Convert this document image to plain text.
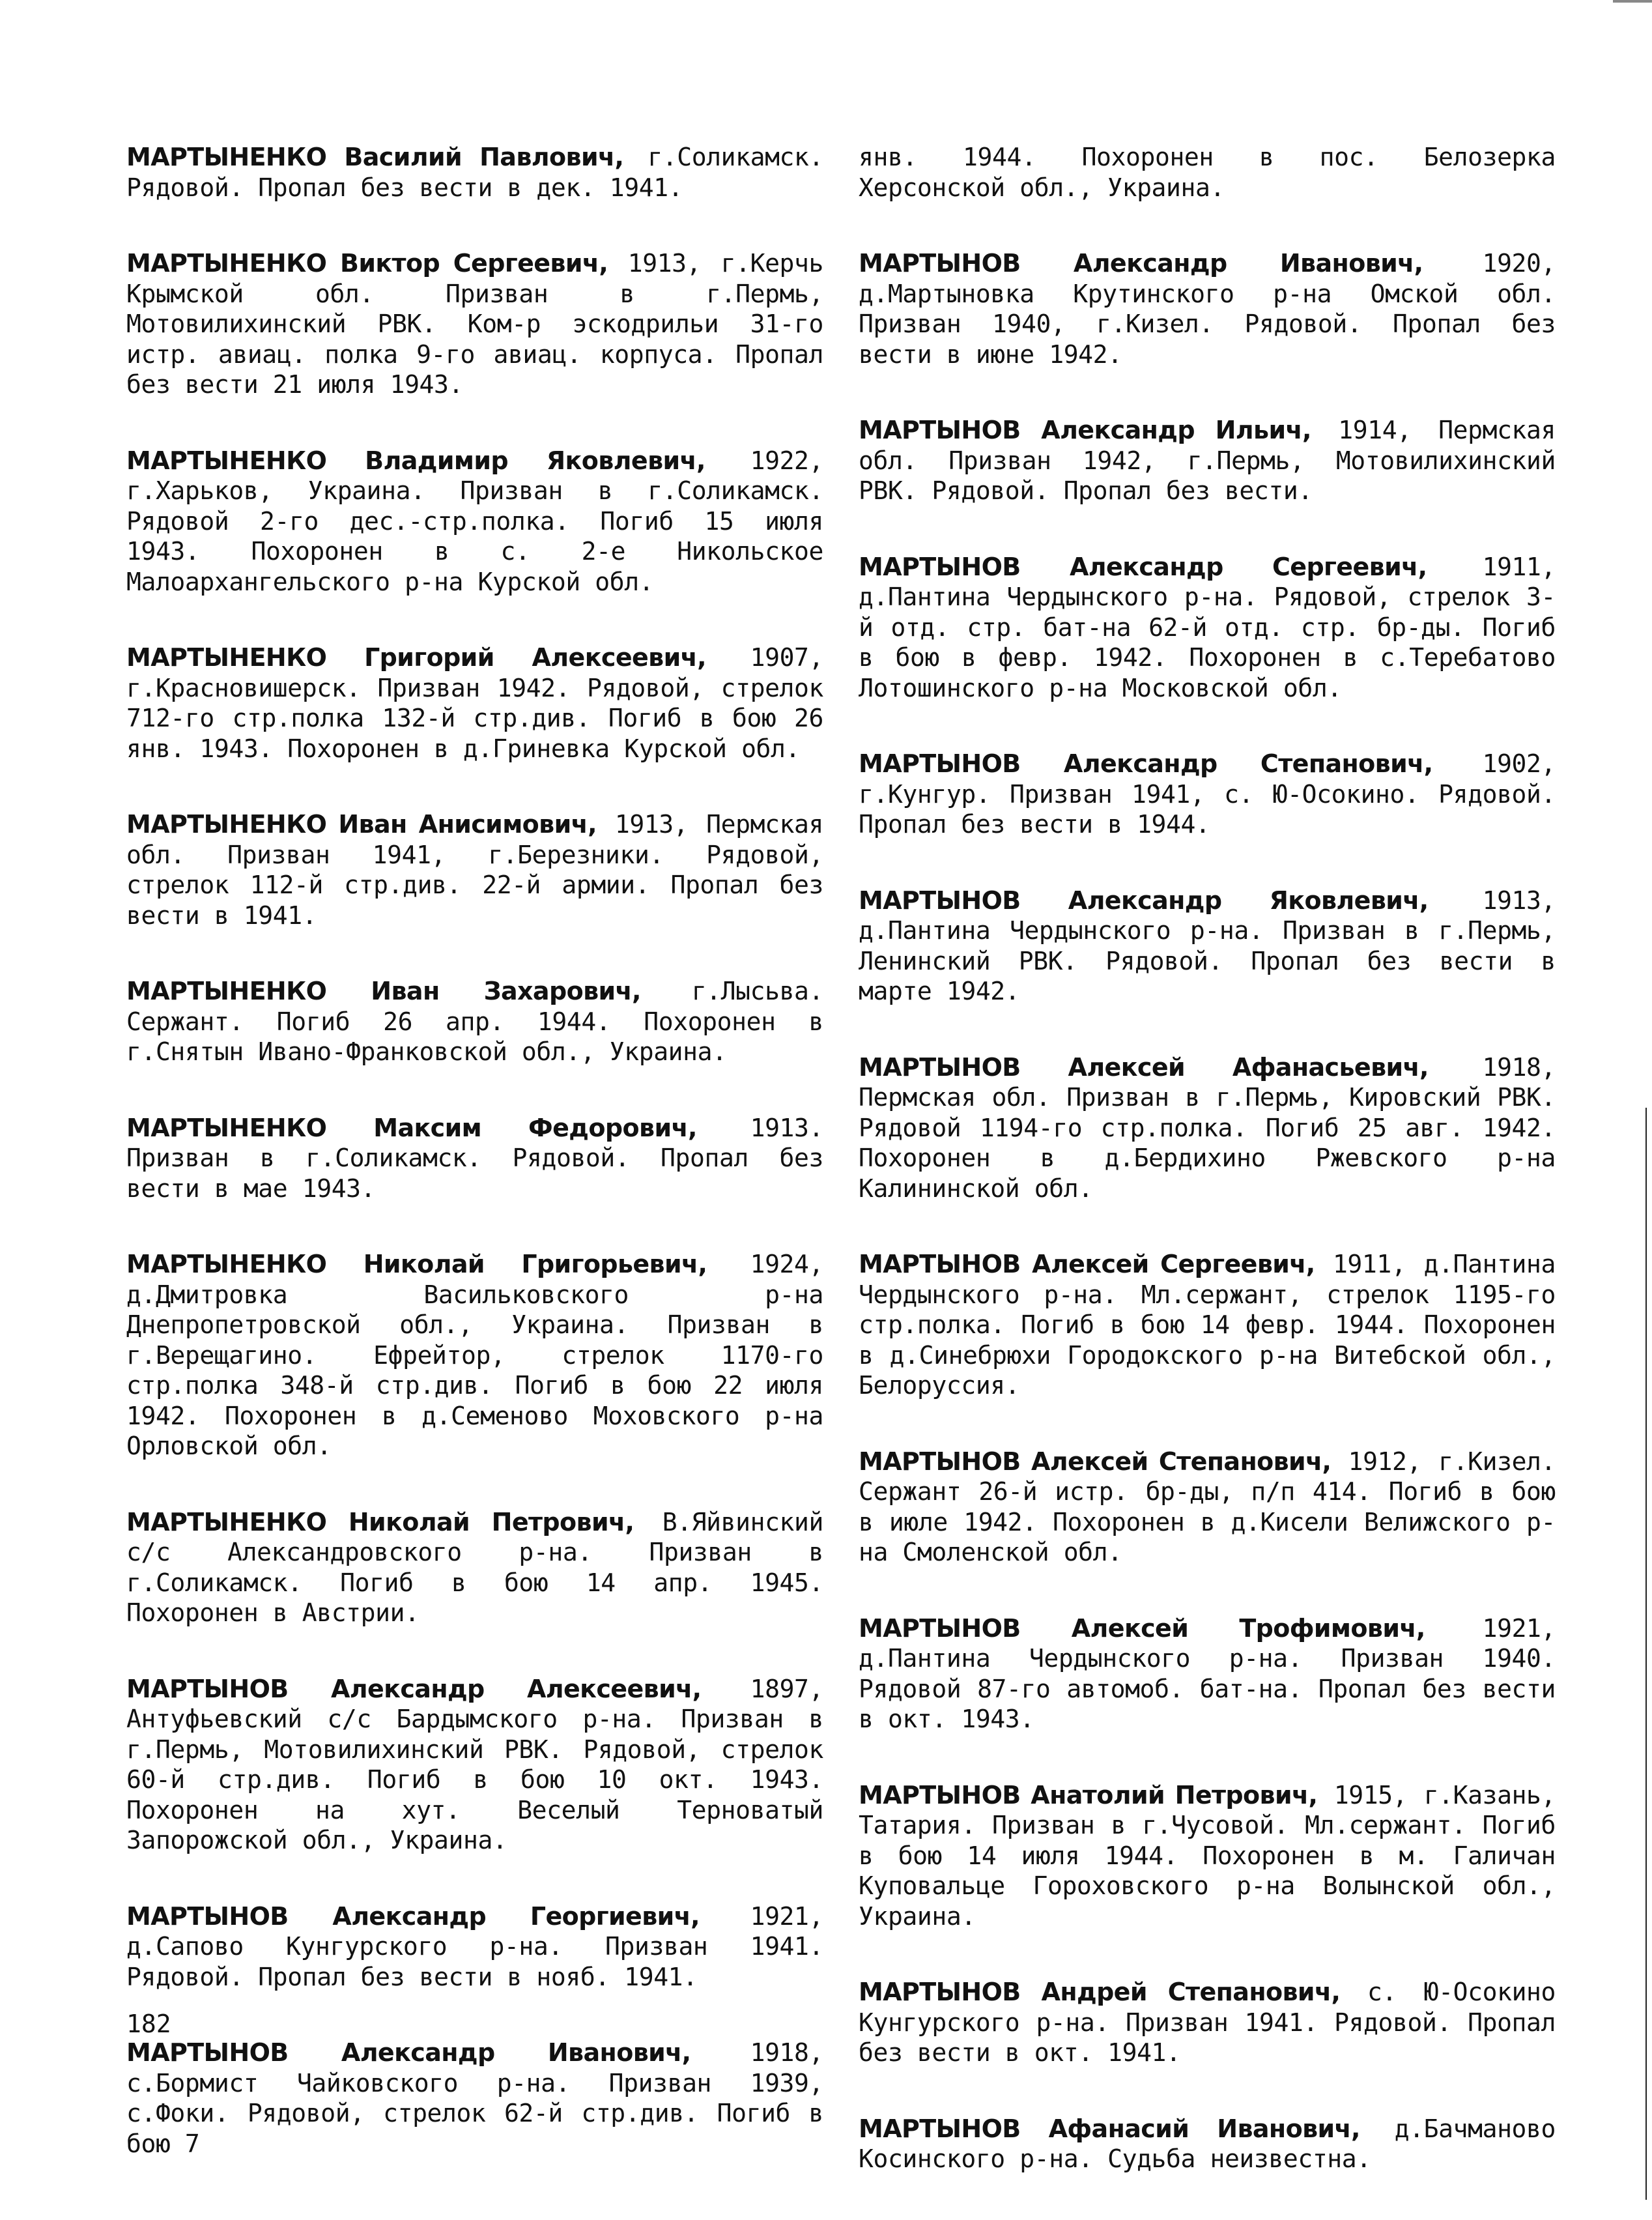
МАРТЫНЕНКО Василий Павлович, г.Соликамск. Рядовой. Пропал без вести в дек. 1941.

МАРТЫНЕНКО Виктор Сергеевич, 1913, г.Керчь Крымской обл. Призван в г.Пермь, Мотовилихинский РВК. Ком-р эскодрильи 31-го истр. авиац. полка 9-го авиац. корпуса. Пропал без вести 21 июля 1943.

МАРТЫНЕНКО Владимир Яковлевич, 1922, г.Харьков, Украина. Призван в г.Соликамск. Рядовой 2-го дес.-стр.полка. Погиб 15 июля 1943. Похоронен в с. 2-е Никольское Малоархангельского р-на Курской обл.

МАРТЫНЕНКО Григорий Алексеевич, 1907, г.Красновишерск. Призван 1942. Рядовой, стрелок 712-го стр.полка 132-й стр.див. Погиб в бою 26 янв. 1943. Похоронен в д.Гриневка Курской обл.

МАРТЫНЕНКО Иван Анисимович, 1913, Пермская обл. Призван 1941, г.Березники. Рядовой, стрелок 112-й стр.див. 22-й армии. Пропал без вести в 1941.

МАРТЫНЕНКО Иван Захарович, г.Лысьва. Сержант. Погиб 26 апр. 1944. Похоронен в г.Снятын Ивано-Франковской обл., Украина.

МАРТЫНЕНКО Максим Федорович, 1913. Призван в г.Соликамск. Рядовой. Пропал без вести в мае 1943.

МАРТЫНЕНКО Николай Григорьевич, 1924, д.Дмитровка Васильковского р-на Днепропетровской обл., Украина. Призван в г.Верещагино. Ефрейтор, стрелок 1170-го стр.полка 348-й стр.див. Погиб в бою 22 июля 1942. Похоронен в д.Семеново Моховского р-на Орловской обл.

МАРТЫНЕНКО Николай Петрович, В.Яйвинский с/с Александровского р-на. Призван в г.Соликамск. Погиб в бою 14 апр. 1945. Похоронен в Австрии.

МАРТЫНОВ Александр Алексеевич, 1897, Антуфьевский с/с Бардымского р-на. Призван в г.Пермь, Мотовилихинский РВК. Рядовой, стрелок 60-й стр.див. Погиб в бою 10 окт. 1943. Похоронен на хут. Веселый Терноватый Запорожской обл., Украина.

МАРТЫНОВ Александр Георгиевич, 1921, д.Сапово Кунгурского р-на. Призван 1941. Рядовой. Пропал без вести в нояб. 1941.

МАРТЫНОВ Александр Иванович, 1918, с.Бормист Чайковского р-на. Призван 1939, с.Фоки. Рядовой, стрелок 62-й стр.див. Погиб в бою 7

янв. 1944. Похоронен в пос. Белозерка Херсонской обл., Украина.

МАРТЫНОВ Александр Иванович, 1920, д.Мартыновка Крутинского р-на Омской обл. Призван 1940, г.Кизел. Рядовой. Пропал без вести в июне 1942.

МАРТЫНОВ Александр Ильич, 1914, Пермская обл. Призван 1942, г.Пермь, Мотовилихинский РВК. Рядовой. Пропал без вести.

МАРТЫНОВ Александр Сергеевич, 1911, д.Пантина Чердынского р-на. Рядовой, стрелок 3-й отд. стр. бат-на 62-й отд. стр. бр-ды. Погиб в бою в февр. 1942. Похоронен в с.Теребатово Лотошинского р-на Московской обл.

МАРТЫНОВ Александр Степанович, 1902, г.Кунгур. Призван 1941, с. Ю-Осокино. Рядовой. Пропал без вести в 1944.

МАРТЫНОВ Александр Яковлевич, 1913, д.Пантина Чердынского р-на. Призван в г.Пермь, Ленинский РВК. Рядовой. Пропал без вести в марте 1942.

МАРТЫНОВ Алексей Афанасьевич, 1918, Пермская обл. Призван в г.Пермь, Кировский РВК. Рядовой 1194-го стр.полка. Погиб 25 авг. 1942. Похоронен в д.Бердихино Ржевского р-на Калининской обл.

МАРТЫНОВ Алексей Сергеевич, 1911, д.Пантина Чердынского р-на. Мл.сержант, стрелок 1195-го стр.полка. Погиб в бою 14 февр. 1944. Похоронен в д.Синебрюхи Городокского р-на Витебской обл., Белоруссия.

МАРТЫНОВ Алексей Степанович, 1912, г.Кизел. Сержант 26-й истр. бр-ды, п/п 414. Погиб в бою в июле 1942. Похоронен в д.Кисели Велижского р-на Смоленской обл.

МАРТЫНОВ Алексей Трофимович, 1921, д.Пантина Чердынского р-на. Призван 1940. Рядовой 87-го автомоб. бат-на. Пропал без вести в окт. 1943.

МАРТЫНОВ Анатолий Петрович, 1915, г.Казань, Татария. Призван в г.Чусовой. Мл.сержант. Погиб в бою 14 июля 1944. Похоронен в м. Галичан Куповальце Гороховского р-на Волынской обл., Украина.

МАРТЫНОВ Андрей Степанович, с. Ю-Осокино Кунгурского р-на. Призван 1941. Рядовой. Пропал без вести в окт. 1941.

МАРТЫНОВ Афанасий Иванович, д.Бачманово Косинского р-на. Судьба неизвестна.

182
